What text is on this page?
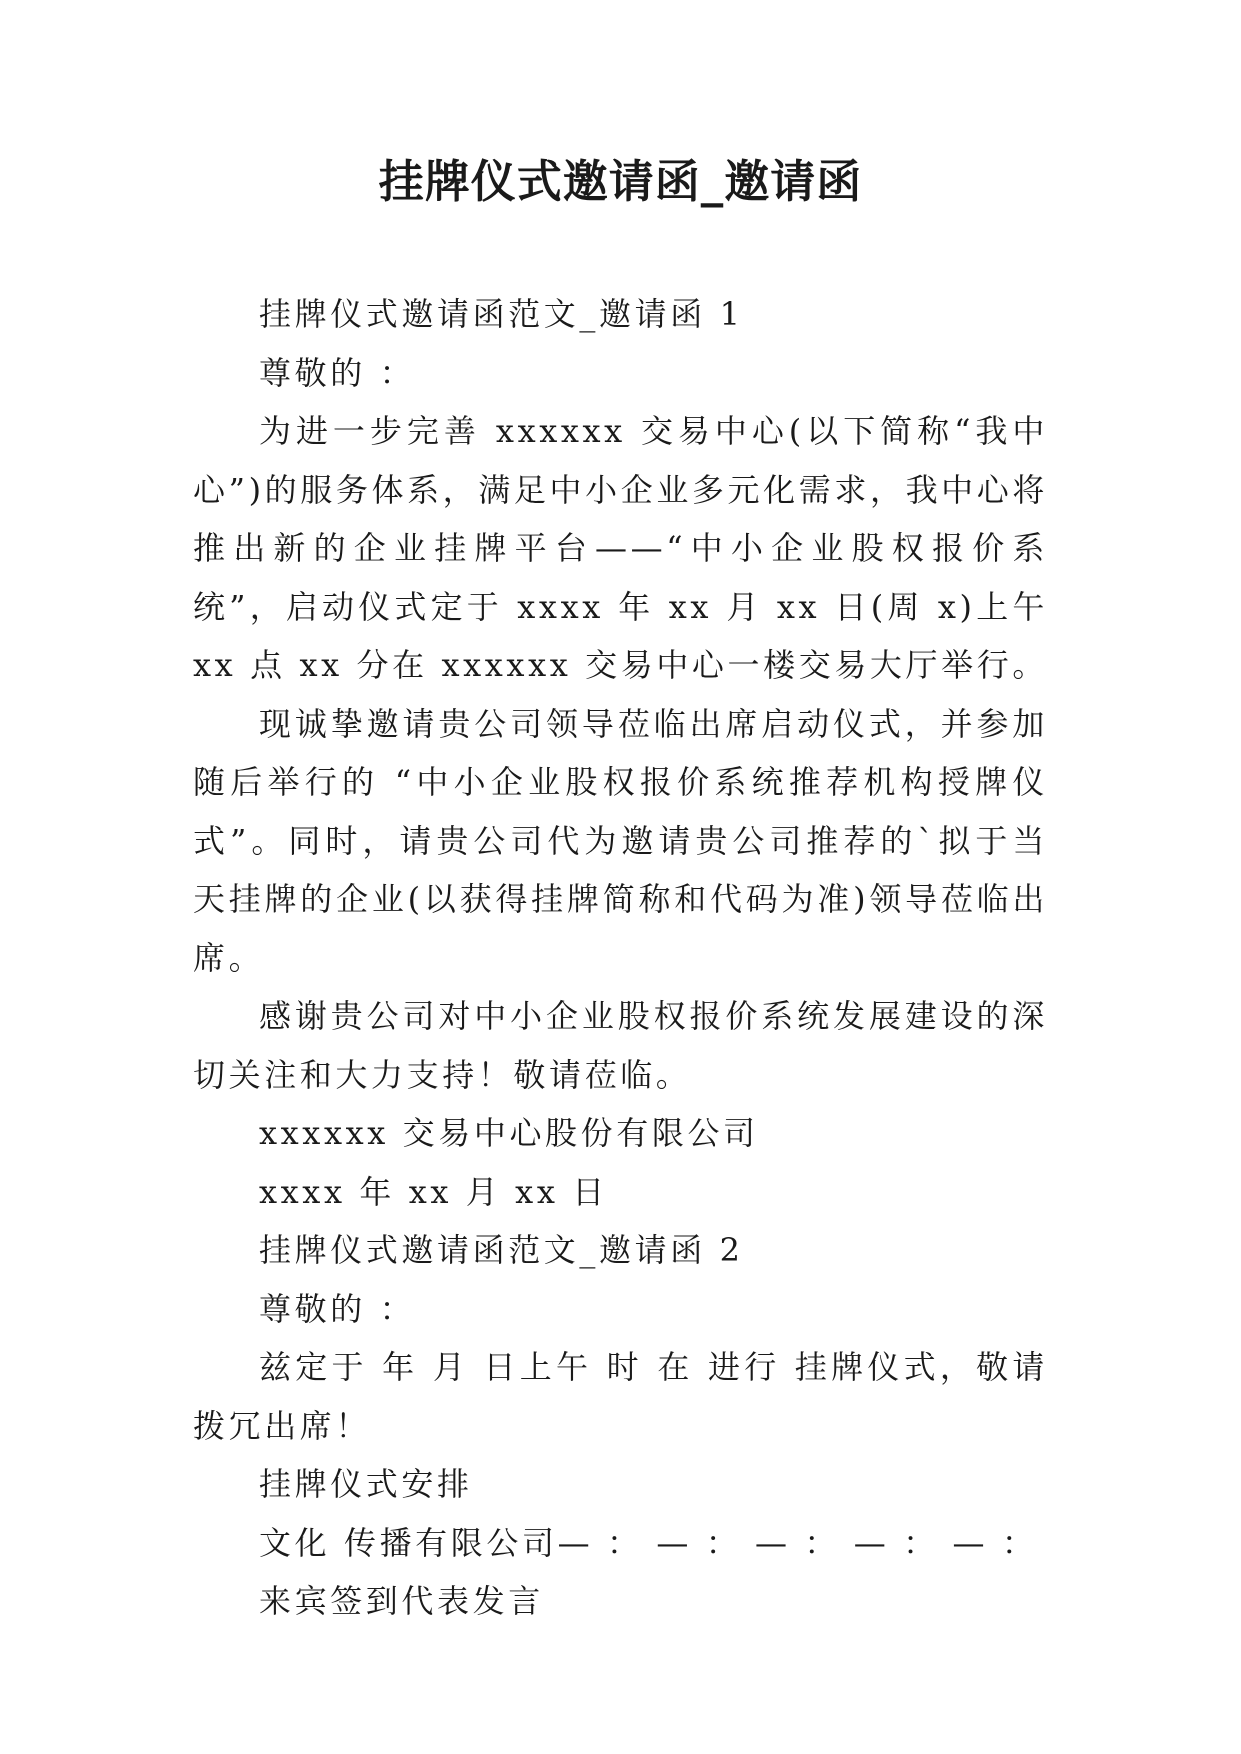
挂牌仪式邀请函_邀请函

挂牌仪式邀请函范文_邀请函 1

尊敬的 ：

为进一步完善 xxxxxx 交易中心(以下简称“我中心”)的服务体系，满足中小企业多元化需求，我中心将推出新的企业挂牌平台——“中小企业股权报价系统”，启动仪式定于 xxxx 年 xx 月 xx 日(周 x)上午 xx 点 xx 分在 xxxxxx 交易中心一楼交易大厅举行。

现诚挚邀请贵公司领导莅临出席启动仪式，并参加随后举行的 “中小企业股权报价系统推荐机构授牌仪式”。同时，请贵公司代为邀请贵公司推荐的`拟于当天挂牌的企业(以获得挂牌简称和代码为准)领导莅临出席。

感谢贵公司对中小企业股权报价系统发展建设的深切关注和大力支持！敬请莅临。

xxxxxx 交易中心股份有限公司

xxxx 年 xx 月 xx 日

挂牌仪式邀请函范文_邀请函 2

尊敬的 ：

兹定于 年 月 日上午 时 在 进行 挂牌仪式，敬请拨冗出席！

挂牌仪式安排

文化 传播有限公司— ： — ： — ： — ： — ：

来宾签到代表发言
